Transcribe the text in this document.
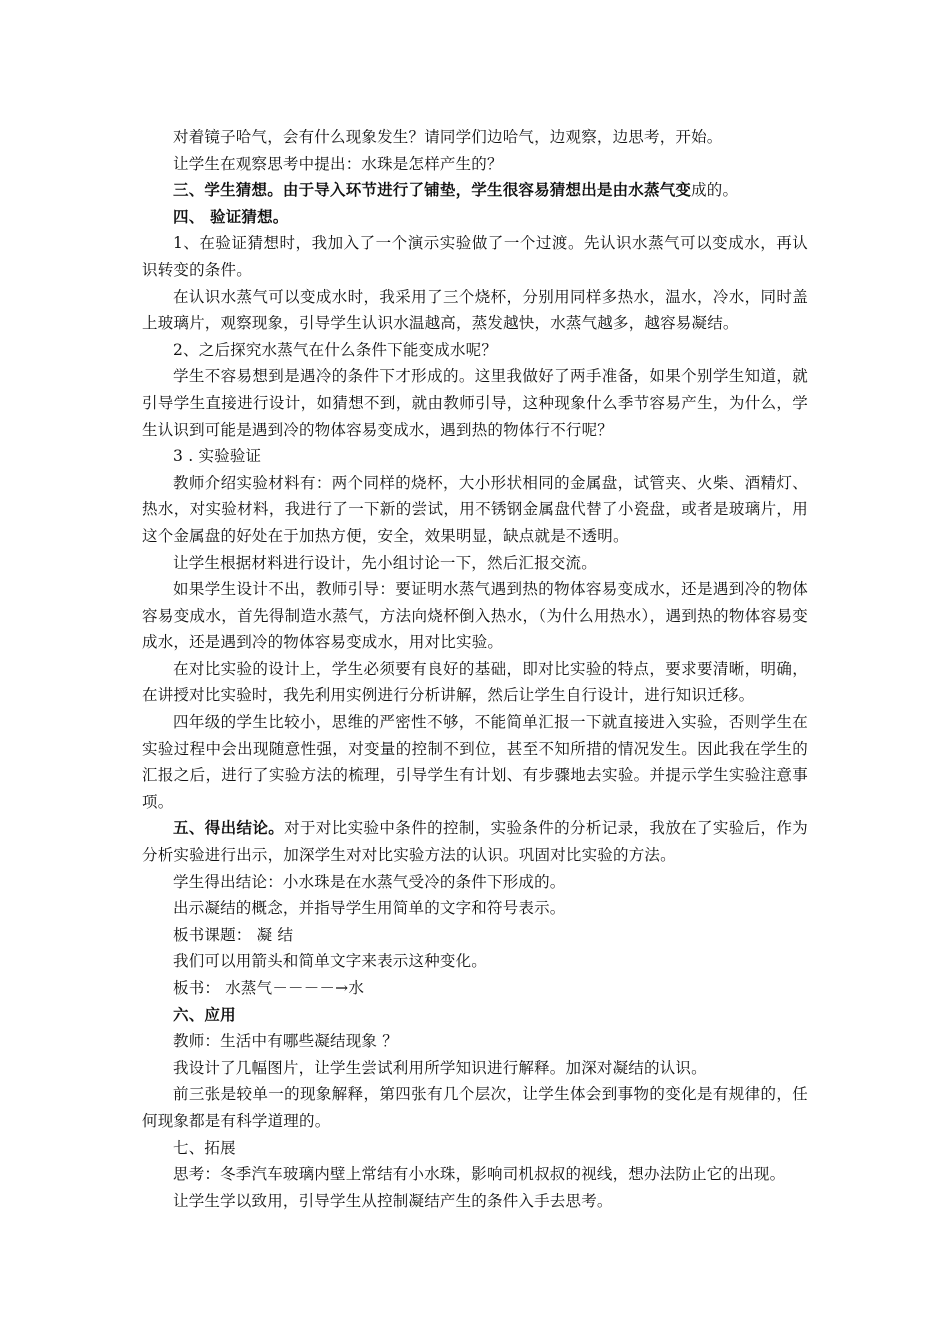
对着镜子哈气，会有什么现象发生？请同学们边哈气，边观察，边思考，开始。

让学生在观察思考中提出：水珠是怎样产生的？

三、学生猜想。由于导入环节进行了铺垫，学生很容易猜想出是由水蒸气变成的。

四、 验证猜想。

1、在验证猜想时，我加入了一个演示实验做了一个过渡。先认识水蒸气可以变成水，再认识转变的条件。

在认识水蒸气可以变成水时，我采用了三个烧杯，分别用同样多热水，温水，冷水，同时盖上玻璃片，观察现象，引导学生认识水温越高，蒸发越快，水蒸气越多，越容易凝结。

2、之后探究水蒸气在什么条件下能变成水呢？

学生不容易想到是遇冷的条件下才形成的。这里我做好了两手准备，如果个别学生知道，就引导学生直接进行设计，如猜想不到，就由教师引导，这种现象什么季节容易产生，为什么，学生认识到可能是遇到冷的物体容易变成水，遇到热的物体行不行呢？

3 . 实验验证

教师介绍实验材料有：两个同样的烧杯，大小形状相同的金属盘，试管夹、火柴、酒精灯、热水，对实验材料，我进行了一下新的尝试，用不锈钢金属盘代替了小瓷盘，或者是玻璃片，用这个金属盘的好处在于加热方便，安全，效果明显，缺点就是不透明。

让学生根据材料进行设计，先小组讨论一下，然后汇报交流。

如果学生设计不出，教师引导：要证明水蒸气遇到热的物体容易变成水，还是遇到冷的物体容易变成水，首先得制造水蒸气，方法向烧杯倒入热水，（为什么用热水），遇到热的物体容易变成水，还是遇到冷的物体容易变成水，用对比实验。

在对比实验的设计上，学生必须要有良好的基础，即对比实验的特点，要求要清晰，明确，在讲授对比实验时，我先利用实例进行分析讲解，然后让学生自行设计，进行知识迁移。

四年级的学生比较小，思维的严密性不够，不能简单汇报一下就直接进入实验，否则学生在实验过程中会出现随意性强，对变量的控制不到位，甚至不知所措的情况发生。因此我在学生的汇报之后，进行了实验方法的梳理，引导学生有计划、有步骤地去实验。并提示学生实验注意事项。

五、得出结论。对于对比实验中条件的控制，实验条件的分析记录，我放在了实验后，作为分析实验进行出示，加深学生对对比实验方法的认识。巩固对比实验的方法。

学生得出结论：小水珠是在水蒸气受冷的条件下形成的。

出示凝结的概念，并指导学生用简单的文字和符号表示。

板书课题： 凝 结

我们可以用箭头和简单文字来表示这种变化。

板书： 水蒸气－－－－→水

六、应用

教师：生活中有哪些凝结现象 ？

我设计了几幅图片，让学生尝试利用所学知识进行解释。加深对凝结的认识。

前三张是较单一的现象解释，第四张有几个层次，让学生体会到事物的变化是有规律的，任何现象都是有科学道理的。

七、拓展

思考：冬季汽车玻璃内壁上常结有小水珠，影响司机叔叔的视线，想办法防止它的出现。

让学生学以致用，引导学生从控制凝结产生的条件入手去思考。
